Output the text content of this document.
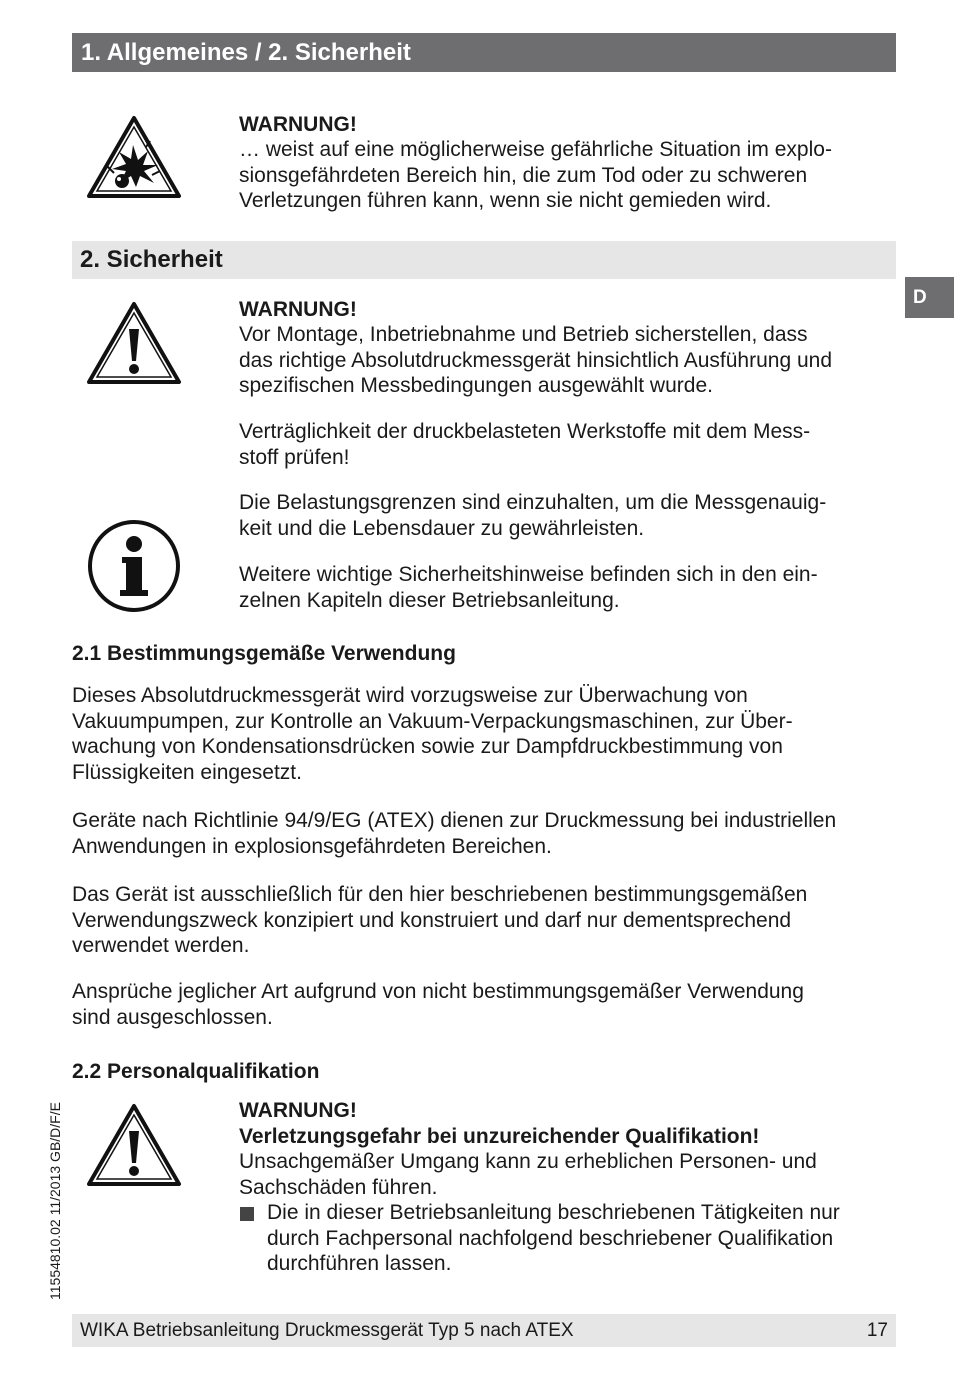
1. Allgemeines / 2. Sicherheit
D
WARNUNG!
… weist auf eine möglicherweise gefährliche Situation im explo-
sionsgefährdeten Bereich hin, die zum Tod oder zu schweren
Verletzungen führen kann, wenn sie nicht gemieden wird.
2. Sicherheit
WARNUNG!
Vor Montage, Inbetriebnahme und Betrieb sicherstellen, dass
das richtige Absolutdruckmessgerät hinsichtlich Ausführung und
spezifischen Messbedingungen ausgewählt wurde.
Verträglichkeit der druckbelasteten Werkstoffe mit dem Mess-
stoff prüfen!
Die Belastungsgrenzen sind einzuhalten, um die Messgenauig-
keit und die Lebensdauer zu gewährleisten.
Weitere wichtige Sicherheitshinweise befinden sich in den ein-
zelnen Kapiteln dieser Betriebsanleitung.
2.1 Bestimmungsgemäße Verwendung
Dieses Absolutdruckmessgerät wird vorzugsweise zur Überwachung von
Vakuumpumpen, zur Kontrolle an Vakuum-Verpackungsmaschinen, zur Über-
wachung von Kondensationsdrücken sowie zur Dampfdruckbestimmung von
Flüssigkeiten eingesetzt.
Geräte nach Richtlinie 94/9/EG (ATEX) dienen zur Druckmessung bei industriellen
Anwendungen in explosionsgefährdeten Bereichen.
Das Gerät ist ausschließlich für den hier beschriebenen bestimmungsgemäßen
Verwendungszweck konzipiert und konstruiert und darf nur dementsprechend
verwendet werden.
Ansprüche jeglicher Art aufgrund von nicht bestimmungsgemäßer Verwendung
sind ausgeschlossen.
2.2 Personalqualifikation
WARNUNG!
Verletzungsgefahr bei unzureichender Qualifikation!
Unsachgemäßer Umgang kann zu erheblichen Personen- und
Sachschäden führen.
Die in dieser Betriebsanleitung beschriebenen Tätigkeiten nur
durch Fachpersonal nachfolgend beschriebener Qualifikation
durchführen lassen.
11554810.02 11/2013 GB/D/F/E
WIKA Betriebsanleitung Druckmessgerät Typ 5 nach ATEX	17
